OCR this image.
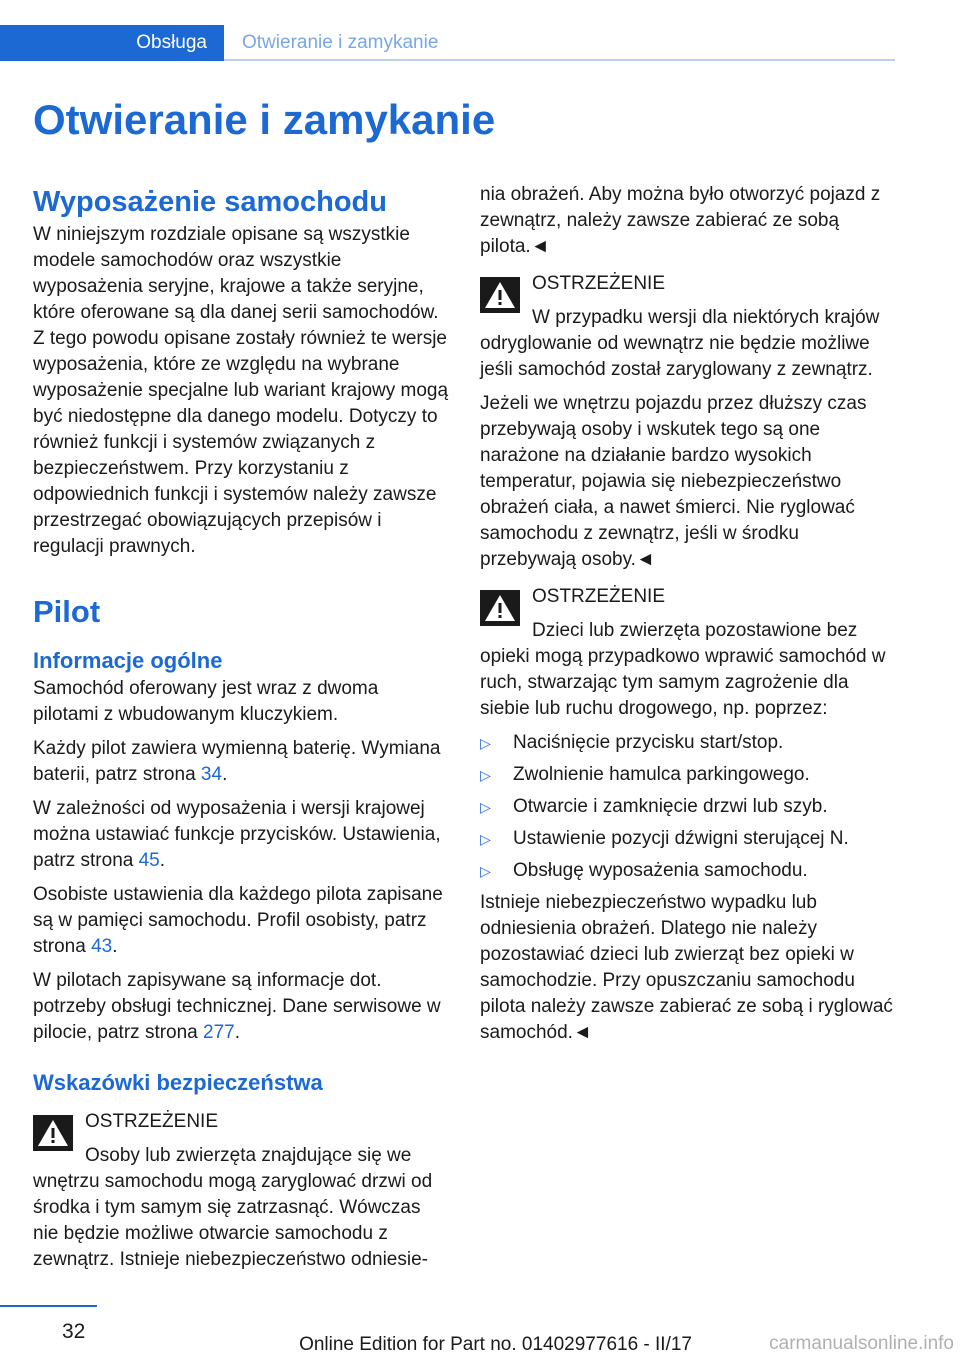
Obsługa	Otwieranie i zamykanie
Otwieranie i zamykanie
Wyposażenie samochodu

W niniejszym rozdziale opisane są wszystkie modele samochodów oraz wszystkie wyposażenia seryjne, krajowe a także seryjne, które oferowane są dla danej serii samochodów. Z tego powodu opisane zostały również te wersje wyposażenia, które ze względu na wybrane wyposażenie specjalne lub wariant krajowy mogą być niedostępne dla danego modelu. Dotyczy to również funkcji i systemów związanych z bezpieczeństwem. Przy korzystaniu z odpowiednich funkcji i systemów należy zawsze przestrzegać obowiązujących przepisów i regulacji prawnych.

Pilot
Informacje ogólne

Samochód oferowany jest wraz z dwoma pilotami z wbudowanym kluczykiem.

Każdy pilot zawiera wymienną baterię. Wymiana baterii, patrz strona 34.

W zależności od wyposażenia i wersji krajowej można ustawiać funkcje przycisków. Ustawienia, patrz strona 45.

Osobiste ustawienia dla każdego pilota zapisane są w pamięci samochodu. Profil osobisty, patrz strona 43.

W pilotach zapisywane są informacje dot. potrzeby obsługi technicznej. Dane serwisowe w pilocie, patrz strona 277.

Wskazówki bezpieczeństwa

OSTRZEŻENIE

Osoby lub zwierzęta znajdujące się we wnętrzu samochodu mogą zaryglować drzwi od środka i tym samym się zatrzasnąć. Wówczas nie będzie możliwe otwarcie samochodu z zewnątrz. Istnieje niebezpieczeństwo odniesie-

nia obrażeń. Aby można było otworzyć pojazd z zewnątrz, należy zawsze zabierać ze sobą pilota.◄

OSTRZEŻENIE

W przypadku wersji dla niektórych krajów odryglowanie od wewnątrz nie będzie możliwe jeśli samochód został zaryglowany z zewnątrz.

Jeżeli we wnętrzu pojazdu przez dłuższy czas przebywają osoby i wskutek tego są one narażone na działanie bardzo wysokich temperatur, pojawia się niebezpieczeństwo obrażeń ciała, a nawet śmierci. Nie ryglować samochodu z zewnątrz, jeśli w środku przebywają osoby.◄

OSTRZEŻENIE

Dzieci lub zwierzęta pozostawione bez opieki mogą przypadkowo wprawić samochód w ruch, stwarzając tym samym zagrożenie dla siebie lub ruchu drogowego, np. poprzez:

▷	Naciśnięcie przycisku start/stop.
▷	Zwolnienie hamulca parkingowego.
▷	Otwarcie i zamknięcie drzwi lub szyb.
▷	Ustawienie pozycji dźwigni sterującej N.
▷	Obsługę wyposażenia samochodu.

Istnieje niebezpieczeństwo wypadku lub odniesienia obrażeń. Dlatego nie należy pozostawiać dzieci lub zwierząt bez opieki w samochodzie. Przy opuszczaniu samochodu pilota należy zawsze zabierać ze sobą i ryglować samochód.◄

32
Online Edition for Part no. 01402977616 - II/17	carmanualsonline.info
